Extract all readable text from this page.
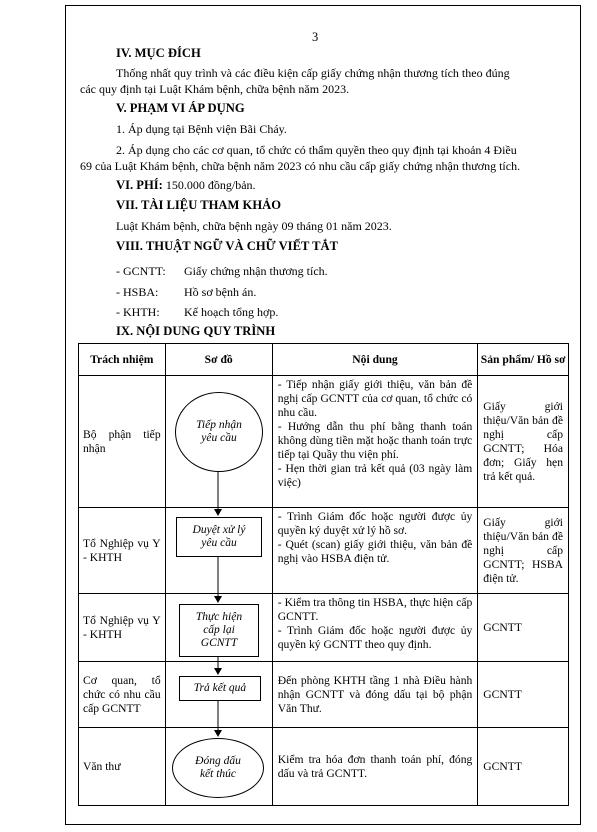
3
IV. MỤC ĐÍCH
Thống nhất quy trình và các điều kiện cấp giấy chứng nhận thương tích theo đúng
các quy định tại Luật Khám bệnh, chữa bệnh năm 2023.
V. PHẠM VI ÁP DỤNG
1. Áp dụng tại Bệnh viện Bãi Cháy.
2. Áp dụng cho các cơ quan, tổ chức có thẩm quyền theo quy định tại khoản 4 Điều
69 của Luật Khám bệnh, chữa bệnh năm 2023 có nhu cầu cấp giấy chứng nhận thương tích.
VI. PHÍ: 150.000 đồng/bản.
VII. TÀI LIỆU THAM KHẢO
Luật Khám bệnh, chữa bệnh ngày 09 tháng 01 năm 2023.
VIII. THUẬT NGỮ VÀ CHỮ VIẾT TẮT
- GCNTT: Giấy chứng nhận thương tích.
- HSBA: Hồ sơ bệnh án.
- KHTH: Kế hoạch tổng hợp.
IX. NỘI DUNG QUY TRÌNH
Trách nhiệm	Sơ đồ	Nội dung	Sản phẩm/ Hồ sơ
Bộ phận tiếp nhận		- Tiếp nhận giấy giới thiệu, văn bản đề nghị cấp GCNTT của cơ quan, tổ chức có nhu cầu.
- Hướng dẫn thu phí bằng thanh toán không dùng tiền mặt hoặc thanh toán trực tiếp tại Quầy thu viện phí.
- Hẹn thời gian trả kết quả (03 ngày làm việc)	Giấy giới thiệu/Văn bản đề nghị cấp GCNTT; Hóa đơn; Giấy hẹn trả kết quả.
Tổ Nghiệp vụ Y - KHTH		- Trình Giám đốc hoặc người được ủy quyền ký duyệt xử lý hồ sơ.
- Quét (scan) giấy giới thiệu, văn bản đề nghị vào HSBA điện tử.	Giấy giới thiệu/Văn bản đề nghị cấp GCNTT; HSBA điện tử.
Tổ Nghiệp vụ Y - KHTH		- Kiểm tra thông tin HSBA, thực hiện cấp GCNTT.
- Trình Giám đốc hoặc người được ủy quyền ký GCNTT theo quy định.	GCNTT
Cơ quan, tổ chức có nhu cầu cấp GCNTT		Đến phòng KHTH tầng 1 nhà Điều hành nhận GCNTT và đóng dấu tại bộ phận Văn Thư.	GCNTT
Văn thư		Kiểm tra hóa đơn thanh toán phí, đóng dấu và trả GCNTT.	GCNTT
Tiếp nhận yêu cầu
Duyệt xử lý yêu cầu
Thực hiện cấp lại GCNTT
Trả kết quả
Đóng dấu kết thúc
